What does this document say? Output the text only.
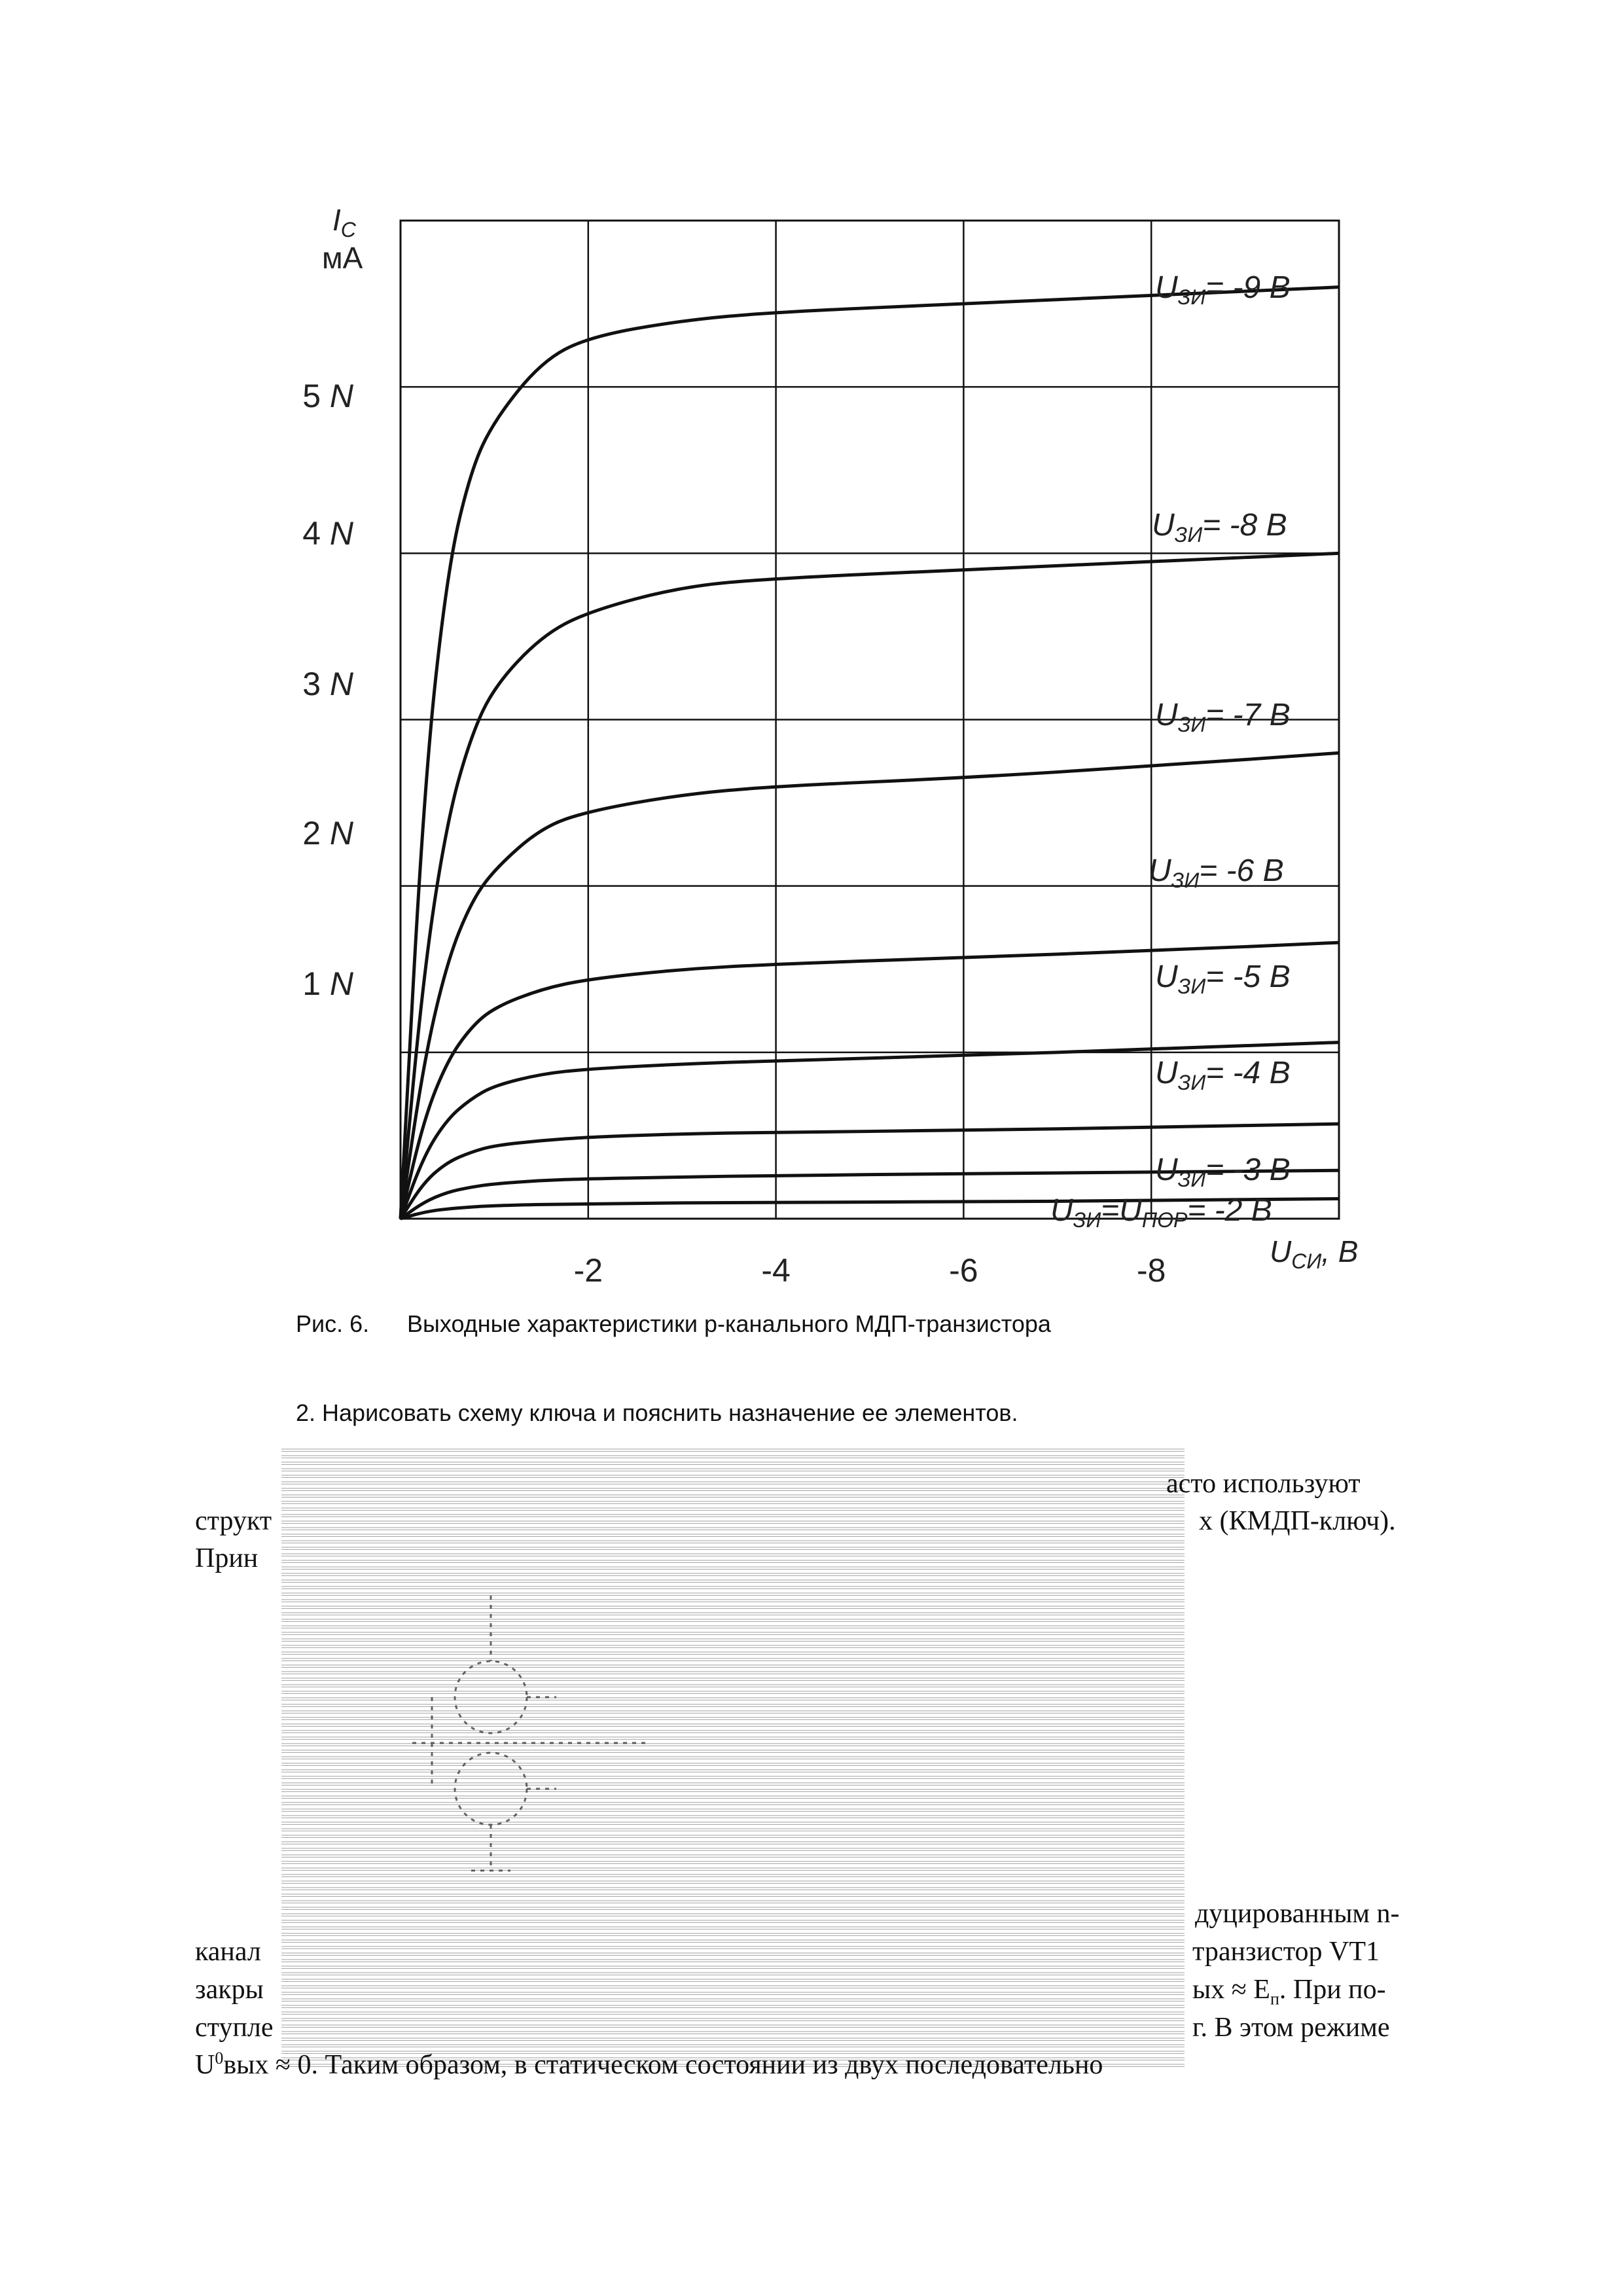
-2	-4	-6	-8
1 N
2 N
3 N
4 N
5 N
$I_C$
мА
$U_{СИ}$, В
$U_{ЗИ}= -9$ В
$U_{ЗИ}= -8$ В
$U_{ЗИ}= -7$ В
$U_{ЗИ}= -6$ В
$U_{ЗИ}= -5$ В
$U_{ЗИ}= -4$ В
$U_{ЗИ}= -3$ В
$U_{ЗИ}=U_{ПОР}= -2$ В
Рис. 6. Выходные характеристики p-канального МДП-транзистора
2. Нарисовать схему ключа и пояснить назначение ее элементов.
асто используют
структ	х (КМДП-ключ).
Прин
дуцированным n-
канал	транзистор VT1
закры	ых ≈ $E_п$. При по-
ступле	г. В этом режиме
$U^0вых \approx 0$. Таким образом, в статическом состоянии из двух последовательно
